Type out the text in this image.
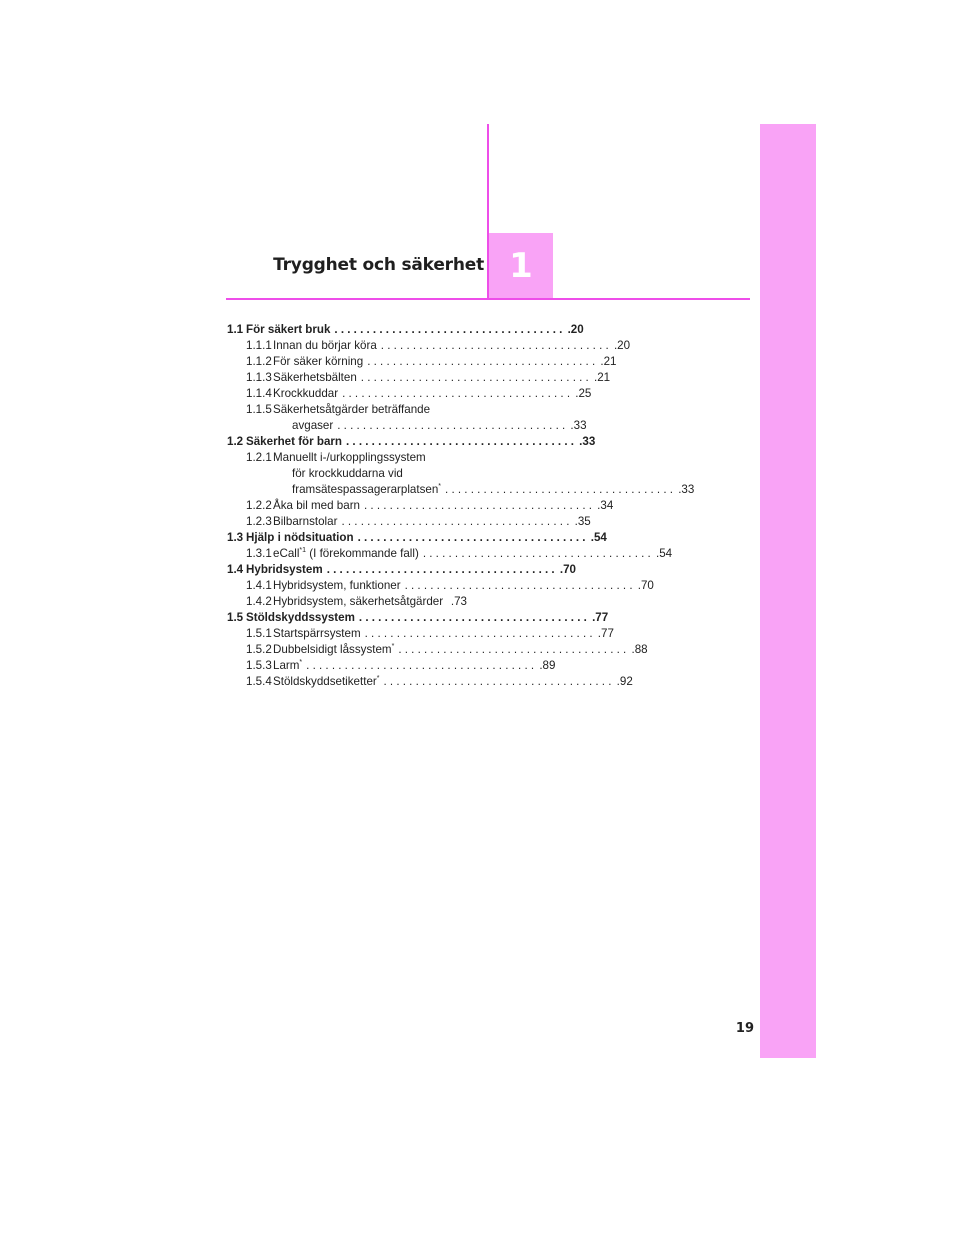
Trygghet och säkerhet 1
1.1 För säkert bruk .................................... .20
1.1.1 Innan du börjar köra .................................... .20
1.1.2 För säker körning .................................... .21
1.1.3 Säkerhetsbälten .................................... .21
1.1.4 Krockkuddar .................................... .25
1.1.5 Säkerhetsåtgärder beträffande
avgaser .................................... .33
1.2 Säkerhet för barn .................................... .33
1.2.1 Manuellt i-/urkopplingssystem
för krockkuddarna vid
framsätespassagerarplatsen* .................................... .33
1.2.2 Åka bil med barn .................................... .34
1.2.3 Bilbarnstolar .................................... .35
1.3 Hjälp i nödsituation .................................... .54
1.3.1 eCall$^{*1}$ (I förekommande fall) .................................... .54
1.4 Hybridsystem .................................... .70
1.4.1 Hybridsystem, funktioner .................................... .70
1.4.2 Hybridsystem, säkerhetsåtgärder .73
1.5 Stöldskyddssystem .................................... .77
1.5.1 Startspärrsystem .................................... .77
1.5.2 Dubbelsidigt låssystem* .................................... .88
1.5.3 Larm* .................................... .89
1.5.4 Stöldskyddsetiketter* .................................... .92
19
